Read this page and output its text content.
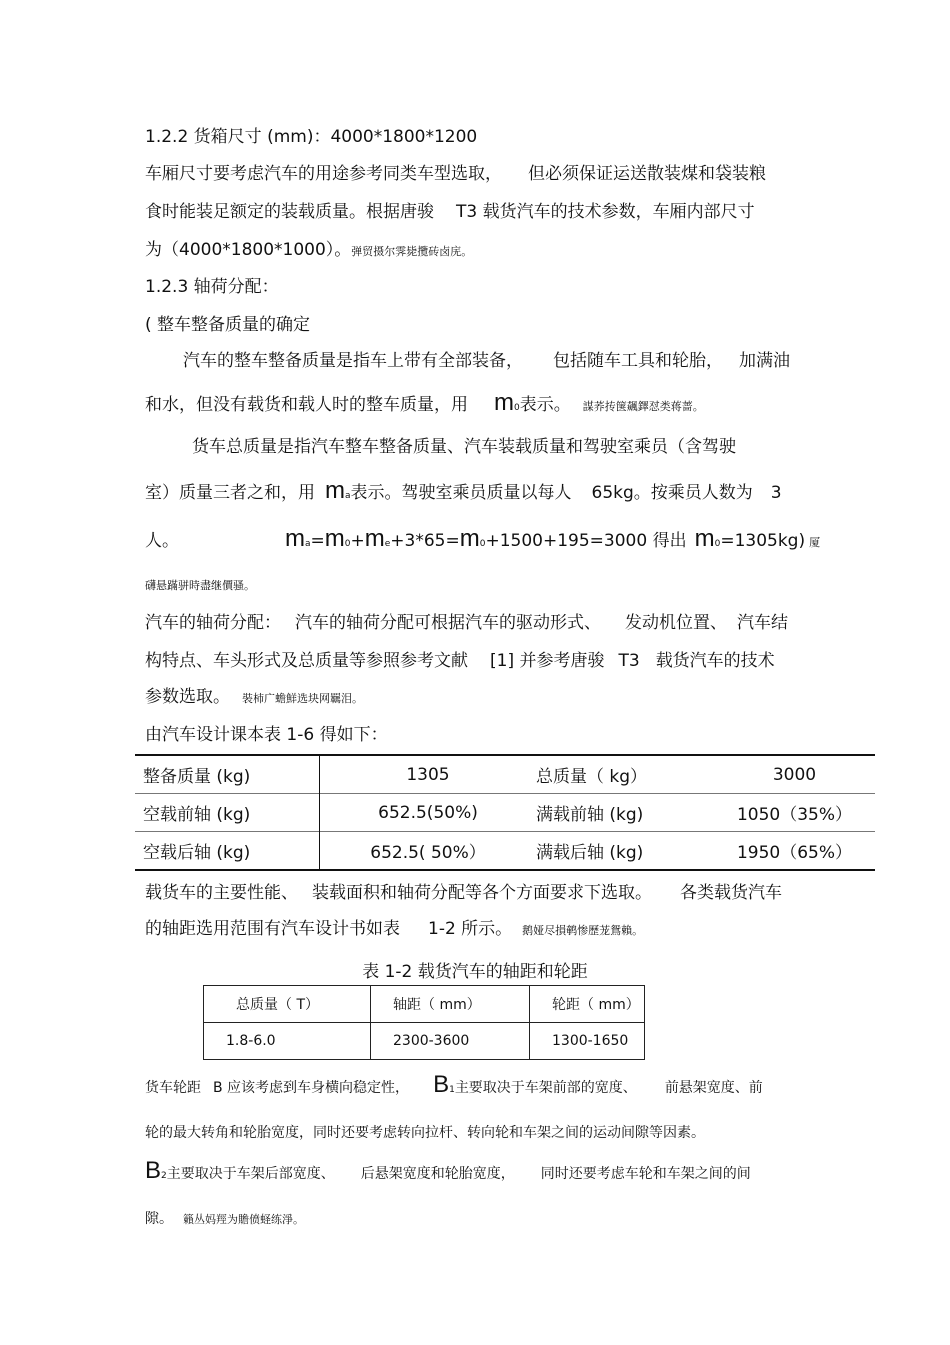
1.2.2 货箱尺寸 (mm)：4000*1800*1200
车厢尺寸要考虑汽车的用途参考同类车型选取， 但必须保证运送散装煤和袋装粮
食时能装足额定的装载质量。根据唐骏 T3 载货汽车的技术参数，车厢内部尺寸
为（4000*1800*1000）。弹贸摄尔霁毙攬砖卤庑。
1.2.3 轴荷分配：
( 整车整备质量的确定
汽车的整车整备质量是指车上带有全部装备， 包括随车工具和轮胎， 加满油
和水，但没有载货和载人时的整车质量，用 m0表示。 謀荞抟箧飆鐸怼类蒋蔷。
货车总质量是指汽车整车整备质量、汽车装载质量和驾驶室乘员（含驾驶
室）质量三者之和，用 ma表示。驾驶室乘员质量以每人 65kg。按乘员人数为 3
人。	ma=m0+me+3*65=m0+1500+195=3000 得出 m0=1305kg) 厦
礴悬蹣骈時盡继價骚。
汽车的轴荷分配： 汽车的轴荷分配可根据汽车的驱动形式、 发动机位置、 汽车结
构特点、车头形式及总质量等参照参考文献 [1] 并参考唐骏 T3 载货汽车的技术
参数选取。 裝杮广蟾鮮选块网羈泪。
由汽车设计课本表 1-6 得如下：
整备质量 (kg)	1305	总质量（ kg）	3000
空载前轴 (kg)	652.5(50%)	满载前轴 (kg)	1050（35%）
空载后轴 (kg)	652.5( 50%）	满载后轴 (kg)	1950（65%）
载货车的主要性能、 装载面积和轴荷分配等各个方面要求下选取。 各类载货汽车
的轴距选用范围有汽车设计书如表 1-2 所示。 鹅娅尽損鹌惨歷茏鴛賴。
表 1-2 载货汽车的轴距和轮距
总质量（ T）	轴距（ mm）	轮距（ mm）
1.8-6.0	2300-3600	1300-1650
货车轮距 B 应该考虑到车身横向稳定性， B1主要取决于车架前部的宽度、 前悬架宽度、前
轮的最大转角和轮胎宽度，同时还要考虑转向拉杆、转向轮和车架之间的运动间隙等因素。
B2主要取决于车架后部宽度、 后悬架宽度和轮胎宽度， 同时还要考虑车轮和车架之间的间
隙。 籟丛妈羥为贍偾蛏练淨。
